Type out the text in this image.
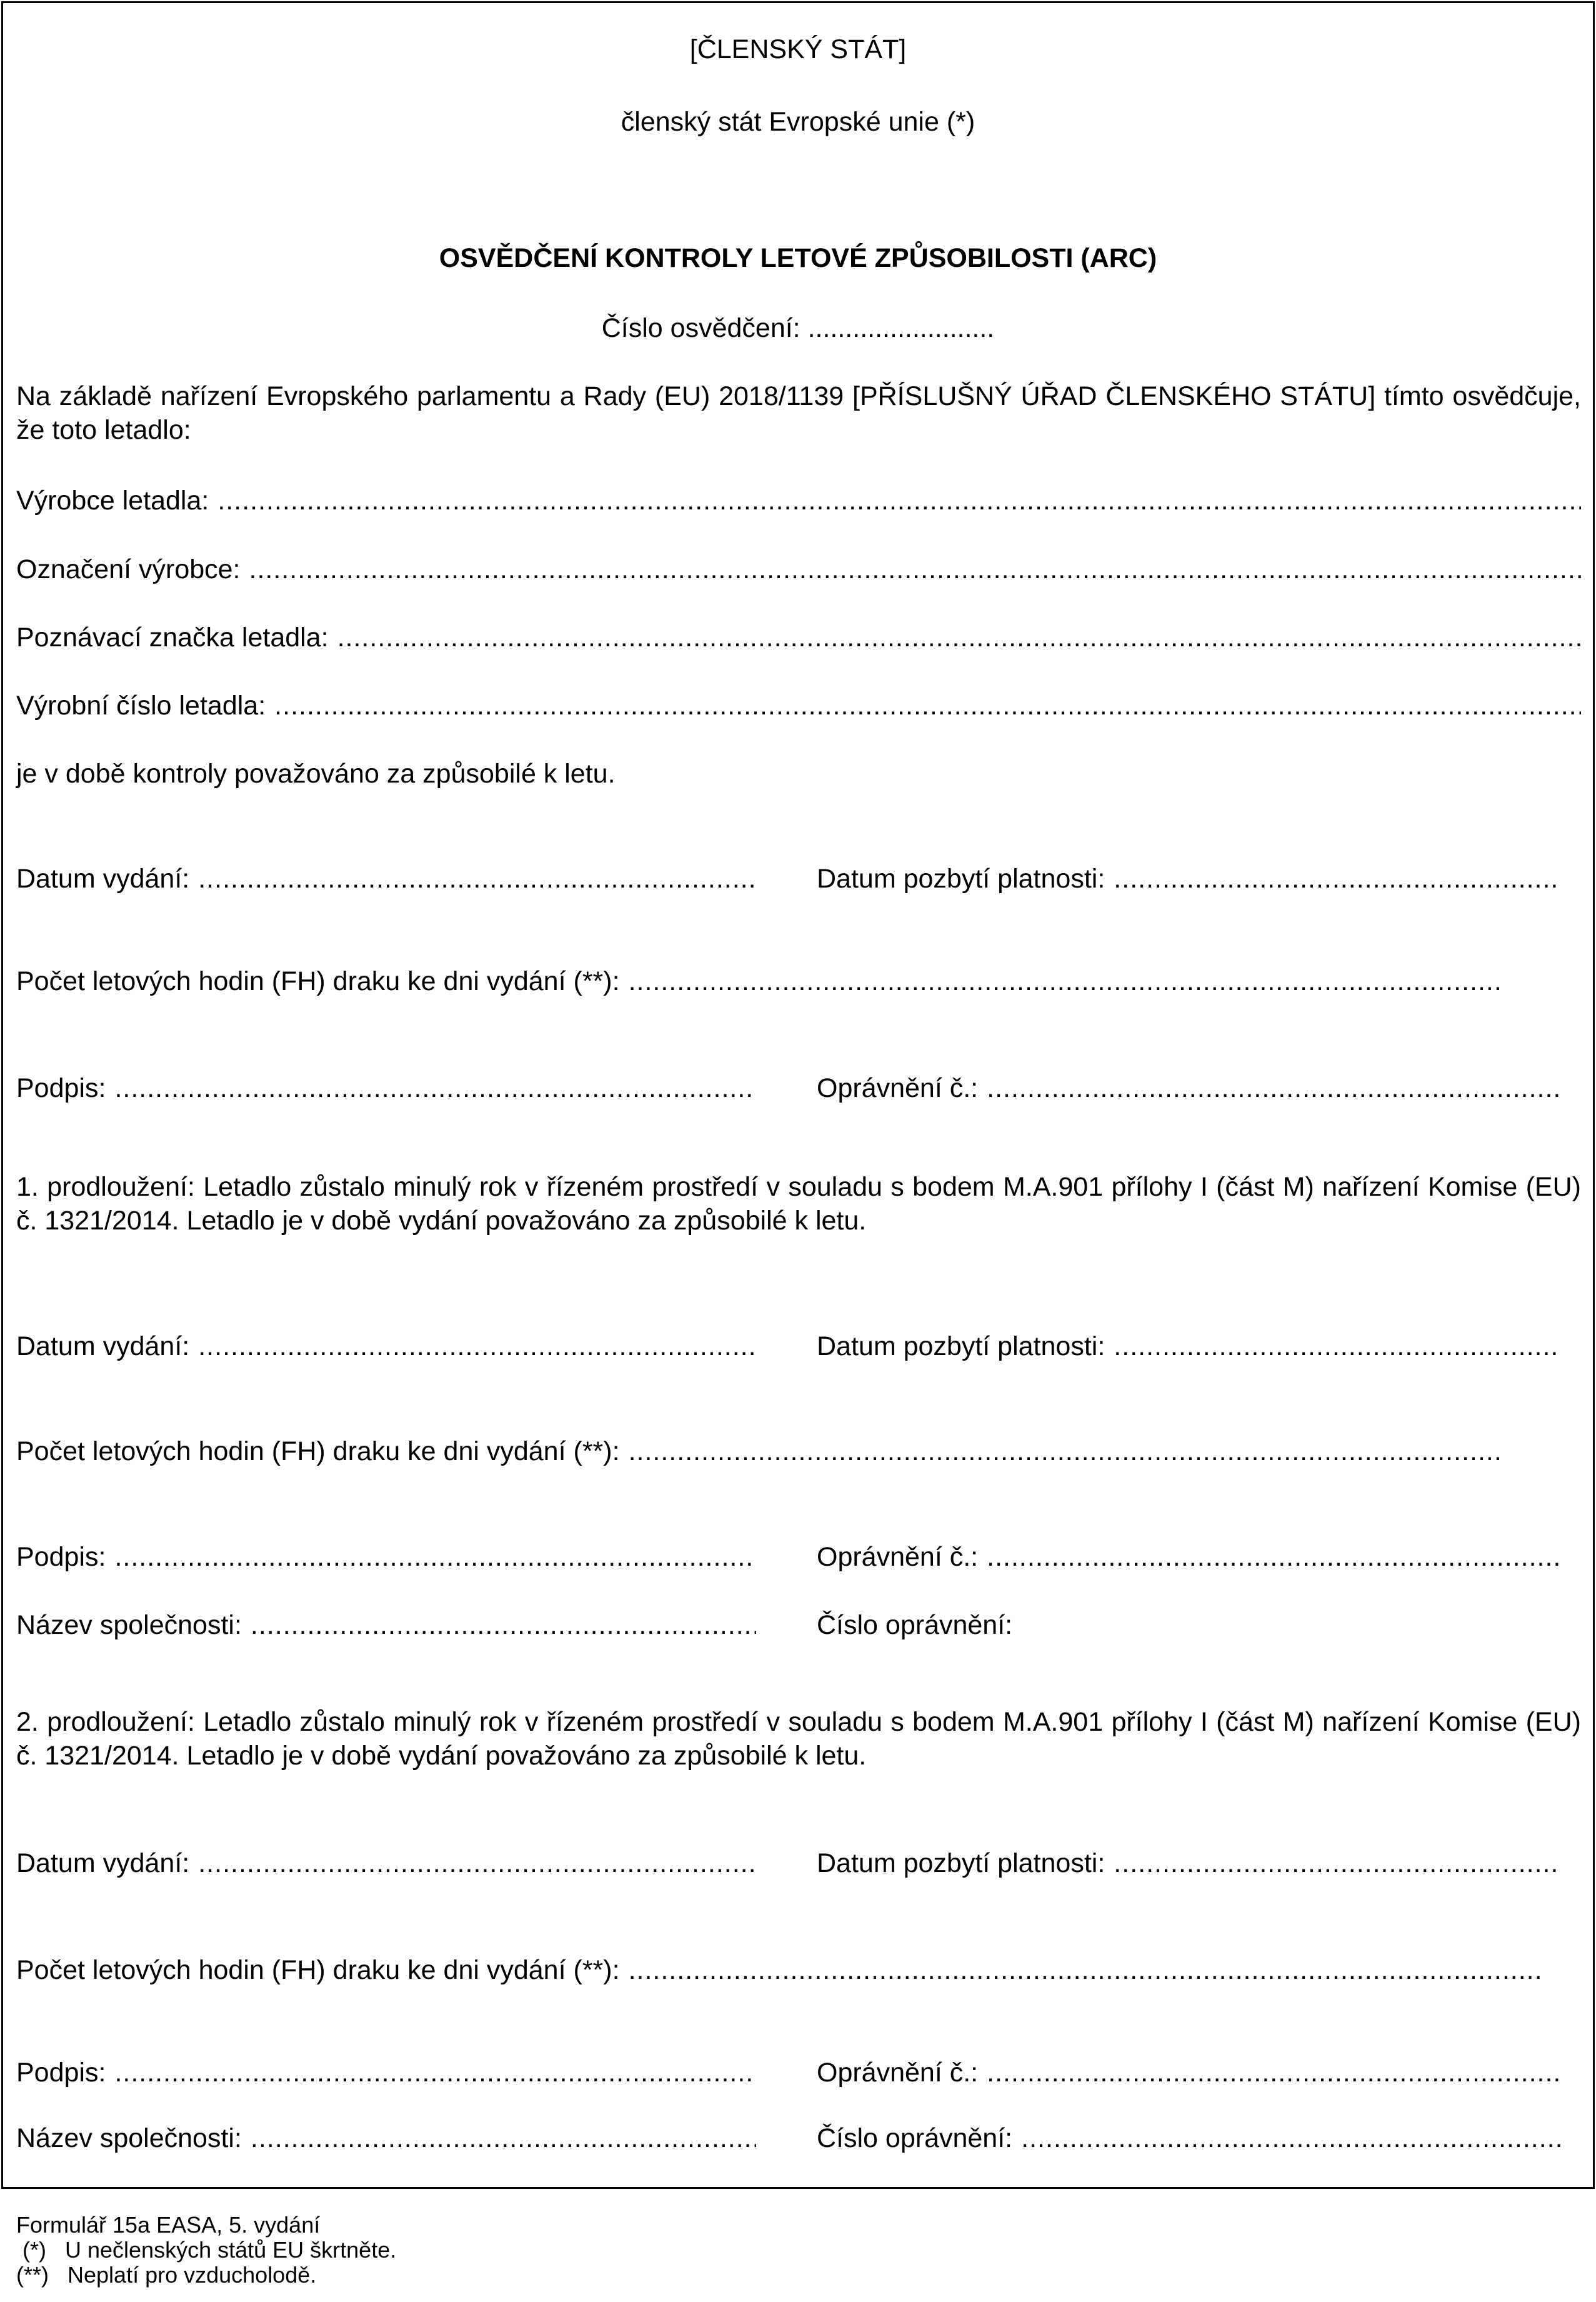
[ČLENSKÝ STÁT]
členský stát Evropské unie (*)
OSVĚDČENÍ KONTROLY LETOVÉ ZPŮSOBILOSTI (ARC)
Číslo osvědčení: .........................
Na základě nařízení Evropského parlamentu a Rady (EU) 2018/1139 [PŘÍSLUŠNÝ ÚŘAD ČLENSKÉHO STÁTU] tímto osvědčuje, že toto letadlo:
Výrobce letadla:
.....
Označení výrobce:
.....
Poznávací značka letadla:
.....
Výrobní číslo letadla:
.....
je v době kontroly považováno za způsobilé k letu.
Datum vydání: .....	Datum pozbytí platnosti:
.....
Počet letových hodin (FH) draku ke dni vydání (**):
.....
Podpis: .....	Oprávnění č.:
.....
1. prodloužení: Letadlo zůstalo minulý rok v řízeném prostředí v souladu s bodem M.A.901 přílohy I (část M) nařízení Komise (EU) č. 1321/2014. Letadlo je v době vydání považováno za způsobilé k letu.
Datum vydání: .....	Datum pozbytí platnosti:
.....
Počet letových hodin (FH) draku ke dni vydání (**):
.....
Podpis: .....	Oprávnění č.:
.....
Název společnosti: .....	Číslo oprávnění:
2. prodloužení: Letadlo zůstalo minulý rok v řízeném prostředí v souladu s bodem M.A.901 přílohy I (část M) nařízení Komise (EU) č. 1321/2014. Letadlo je v době vydání považováno za způsobilé k letu.
Datum vydání: .....	Datum pozbytí platnosti:
.....
Počet letových hodin (FH) draku ke dni vydání (**):
.....
Podpis: .....	Oprávnění č.:
.....
Název společnosti: .....	Číslo oprávnění:
.....
Formulář 15a EASA, 5. vydání
(*)   U nečlenských států EU škrtněte.
(**)   Neplatí pro vzducholodě.
